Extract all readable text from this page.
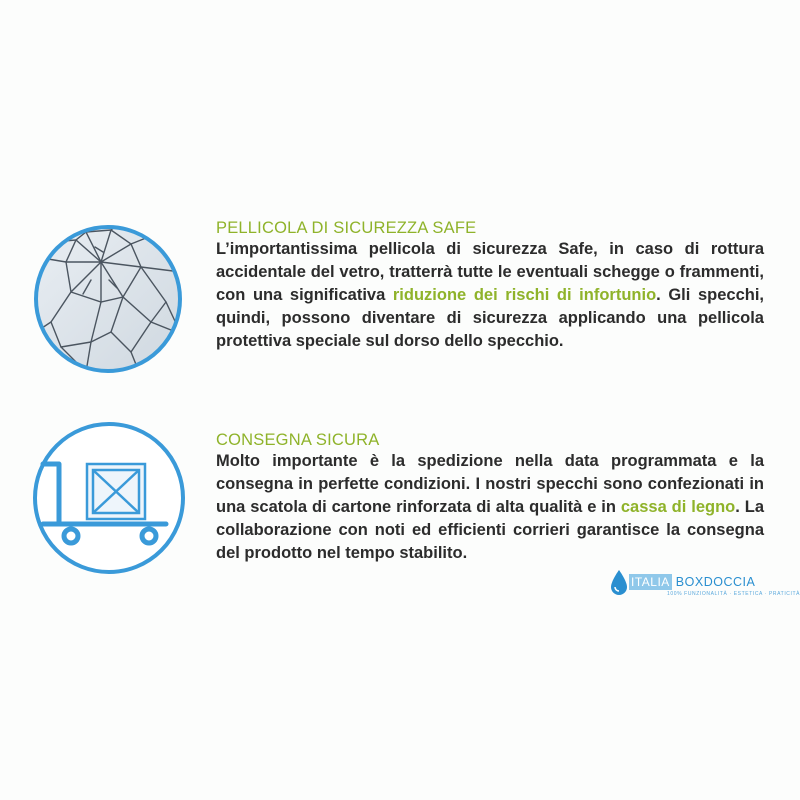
PELLICOLA DI SICUREZZA SAFE

L’importantissima pellicola di sicurezza Safe, in caso di rottura accidentale del vetro, tratterrà tutte le eventuali schegge o frammenti, con una significativa riduzione dei rischi di infortunio. Gli specchi, quindi, possono diventare di sicurezza applicando una pellicola protettiva speciale sul dorso dello specchio.

CONSEGNA SICURA

Molto importante è la spedizione nella data programmata e la consegna in perfette condizioni. I nostri specchi sono confezionati in una scatola di cartone rinforzata di alta qualità e in cassa di legno. La collaborazione con noti ed efficienti corrieri garantisce la consegna del prodotto nel tempo stabilito.

ITALIA BOXDOCCIA
100% FUNZIONALITÀ · ESTETICA · PRATICITÀ
